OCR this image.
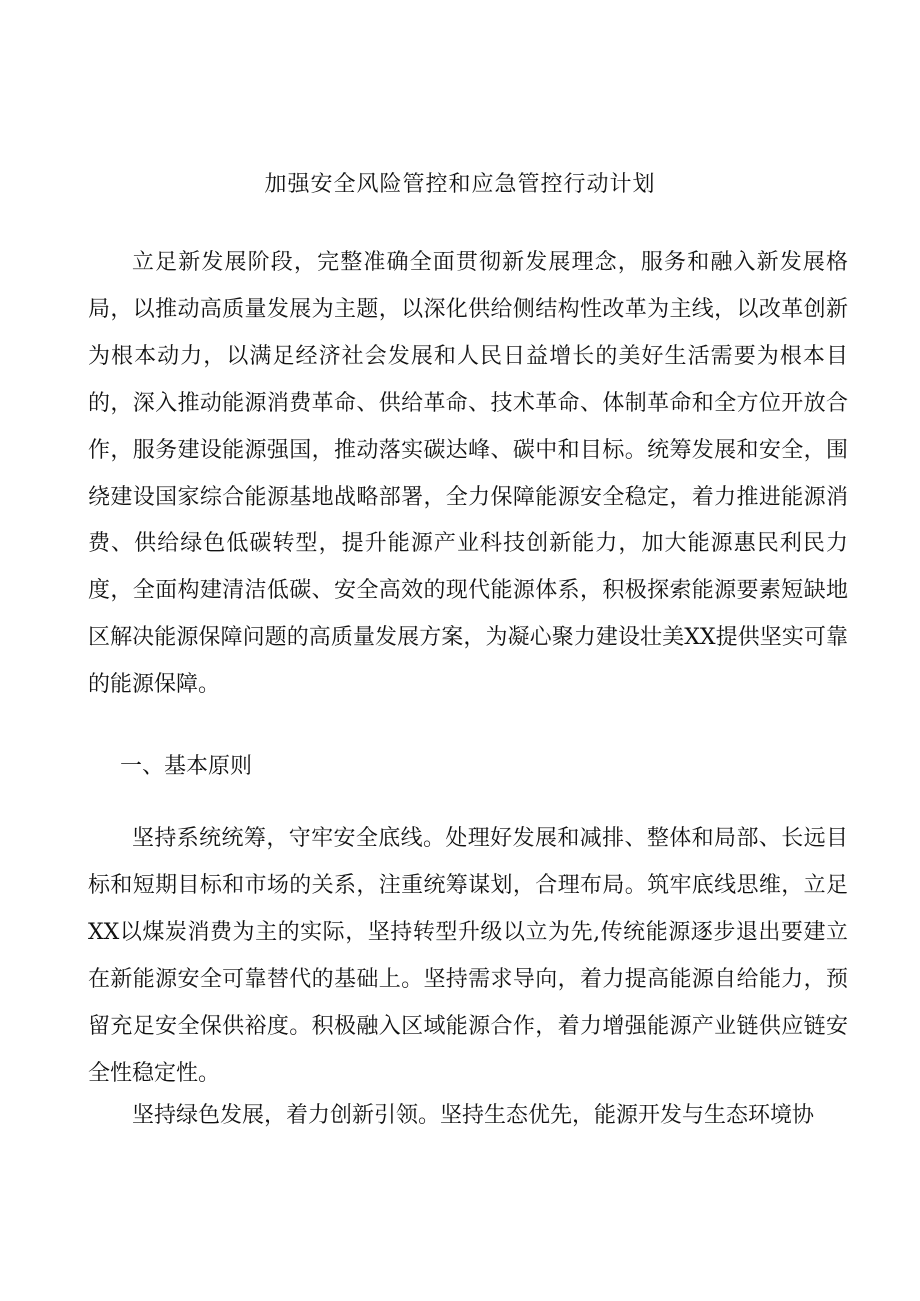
加强安全风险管控和应急管控行动计划

立足新发展阶段，完整准确全面贯彻新发展理念，服务和融入新发展格局，以推动高质量发展为主题，以深化供给侧结构性改革为主线，以改革创新为根本动力，以满足经济社会发展和人民日益增长的美好生活需要为根本目的，深入推动能源消费革命、供给革命、技术革命、体制革命和全方位开放合作，服务建设能源强国，推动落实碳达峰、碳中和目标。统筹发展和安全，围绕建设国家综合能源基地战略部署，全力保障能源安全稳定，着力推进能源消费、供给绿色低碳转型，提升能源产业科技创新能力，加大能源惠民利民力度，全面构建清洁低碳、安全高效的现代能源体系，积极探索能源要素短缺地区解决能源保障问题的高质量发展方案，为凝心聚力建设壮美XX提供坚实可靠的能源保障。

一、基本原则

坚持系统统筹，守牢安全底线。处理好发展和减排、整体和局部、长远目标和短期目标和市场的关系，注重统筹谋划，合理布局。筑牢底线思维，立足XX以煤炭消费为主的实际，坚持转型升级以立为先,传统能源逐步退出要建立在新能源安全可靠替代的基础上。坚持需求导向，着力提高能源自给能力，预留充足安全保供裕度。积极融入区域能源合作，着力增强能源产业链供应链安全性稳定性。

坚持绿色发展，着力创新引领。坚持生态优先，能源开发与生态环境协
